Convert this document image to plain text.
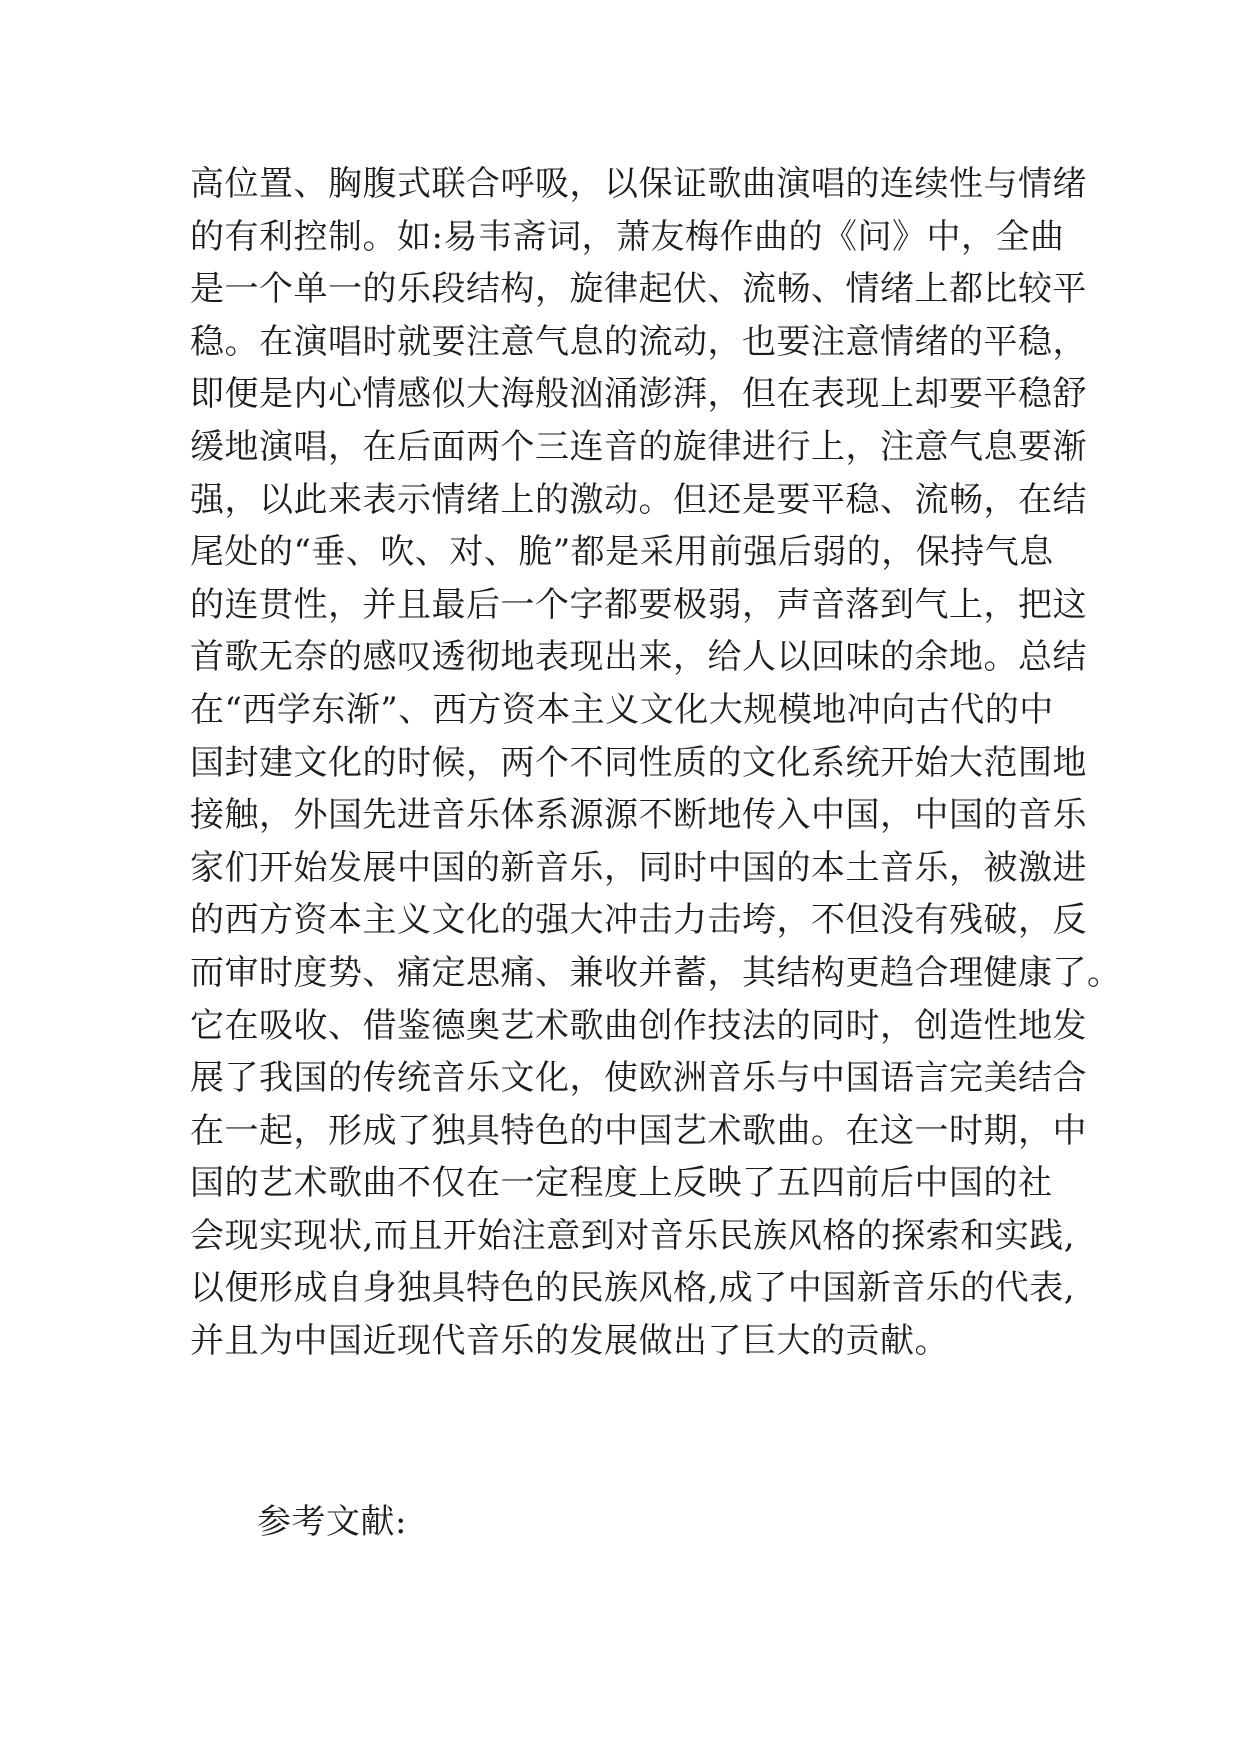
高位置、胸腹式联合呼吸，以保证歌曲演唱的连续性与情绪
的有利控制。如:易韦斋词，萧友梅作曲的《问》中，全曲
是一个单一的乐段结构，旋律起伏、流畅、情绪上都比较平
稳。在演唱时就要注意气息的流动，也要注意情绪的平稳，
即便是内心情感似大海般汹涌澎湃，但在表现上却要平稳舒
缓地演唱，在后面两个三连音的旋律进行上，注意气息要渐
强，以此来表示情绪上的激动。但还是要平稳、流畅，在结
尾处的“垂、吹、对、脆”都是采用前强后弱的，保持气息
的连贯性，并且最后一个字都要极弱，声音落到气上，把这
首歌无奈的感叹透彻地表现出来，给人以回味的余地。总结
在“西学东渐”、西方资本主义文化大规模地冲向古代的中
国封建文化的时候，两个不同性质的文化系统开始大范围地
接触，外国先进音乐体系源源不断地传入中国，中国的音乐
家们开始发展中国的新音乐，同时中国的本土音乐，被激进
的西方资本主义文化的强大冲击力击垮，不但没有残破，反
而审时度势、痛定思痛、兼收并蓄，其结构更趋合理健康了。
它在吸收、借鉴德奥艺术歌曲创作技法的同时，创造性地发
展了我国的传统音乐文化，使欧洲音乐与中国语言完美结合
在一起，形成了独具特色的中国艺术歌曲。在这一时期，中
国的艺术歌曲不仅在一定程度上反映了五四前后中国的社
会现实现状,而且开始注意到对音乐民族风格的探索和实践,
以便形成自身独具特色的民族风格,成了中国新音乐的代表,
并且为中国近现代音乐的发展做出了巨大的贡献。
参考文献:
